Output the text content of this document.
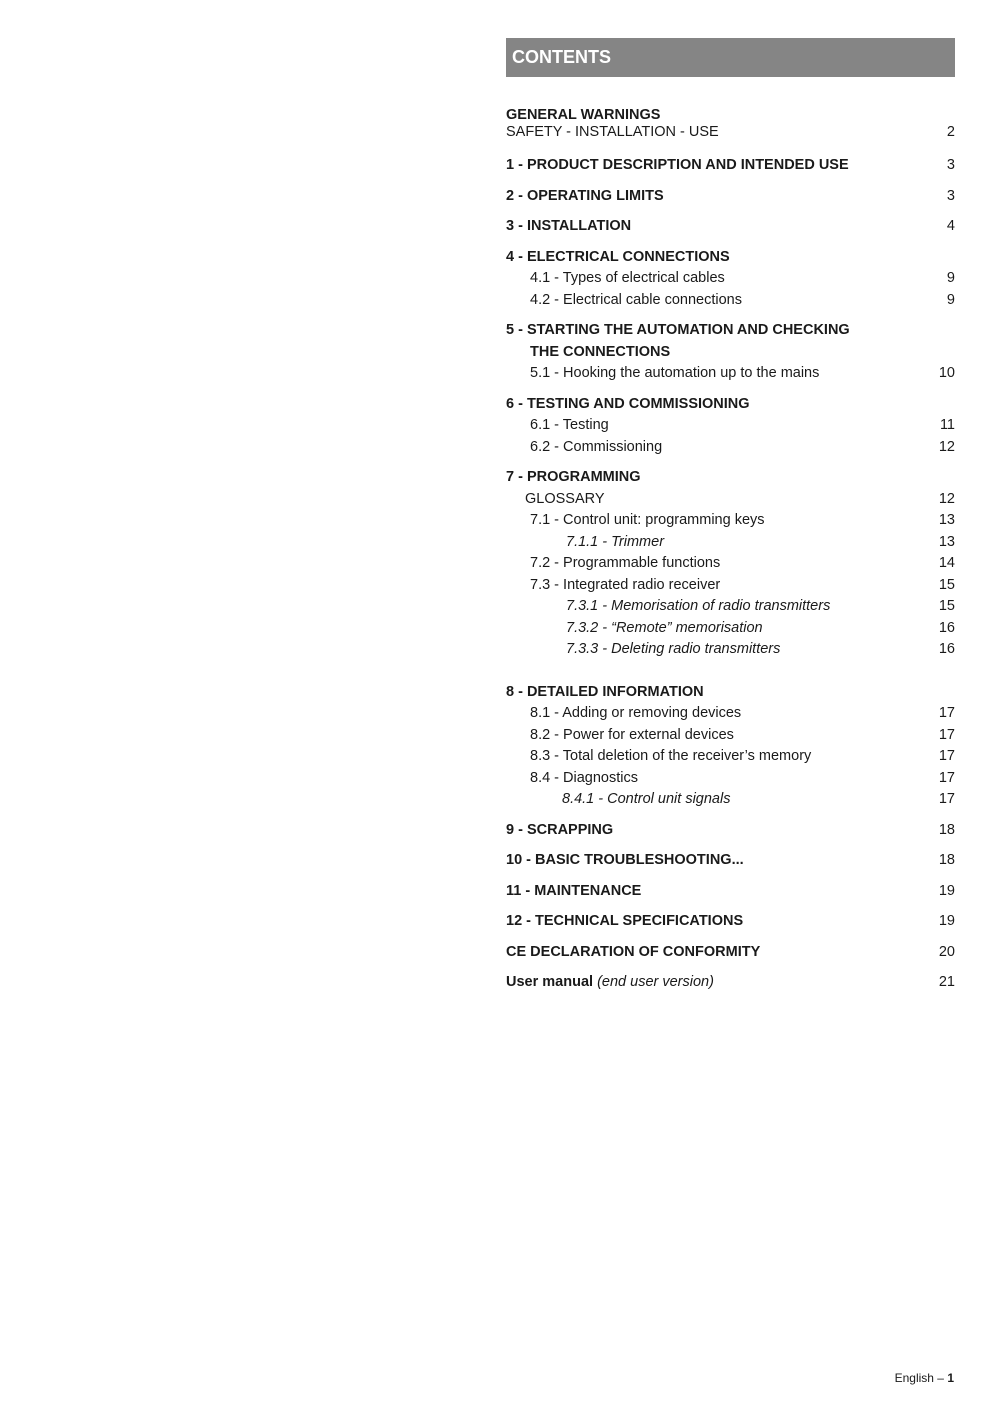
CONTENTS
GENERAL WARNINGS
SAFETY - INSTALLATION - USE	2
1 - PRODUCT DESCRIPTION AND INTENDED USE	3
2 - OPERATING LIMITS	3
3 - INSTALLATION	4
4 - ELECTRICAL CONNECTIONS
4.1 - Types of electrical cables	9
4.2 - Electrical cable connections	9
5 - STARTING THE AUTOMATION AND CHECKING
THE CONNECTIONS
5.1 - Hooking the automation up to the mains	10
6 - TESTING AND COMMISSIONING
6.1 - Testing	11
6.2 - Commissioning	12
7 - PROGRAMMING
GLOSSARY	12
7.1 - Control unit: programming keys	13
7.1.1 - Trimmer	13
7.2 - Programmable functions	14
7.3 - Integrated radio receiver	15
7.3.1 - Memorisation of radio transmitters	15
7.3.2 - “Remote” memorisation	16
7.3.3 - Deleting radio transmitters	16
8 - DETAILED INFORMATION
8.1 - Adding or removing devices	17
8.2 - Power for external devices	17
8.3 - Total deletion of the receiver’s memory	17
8.4 - Diagnostics	17
8.4.1 - Control unit signals	17
9 - SCRAPPING	18
10 - BASIC TROUBLESHOOTING...	18
11 - MAINTENANCE	19
12 - TECHNICAL SPECIFICATIONS	19
CE DECLARATION OF CONFORMITY	20
User manual (end user version)	21
English – 1
